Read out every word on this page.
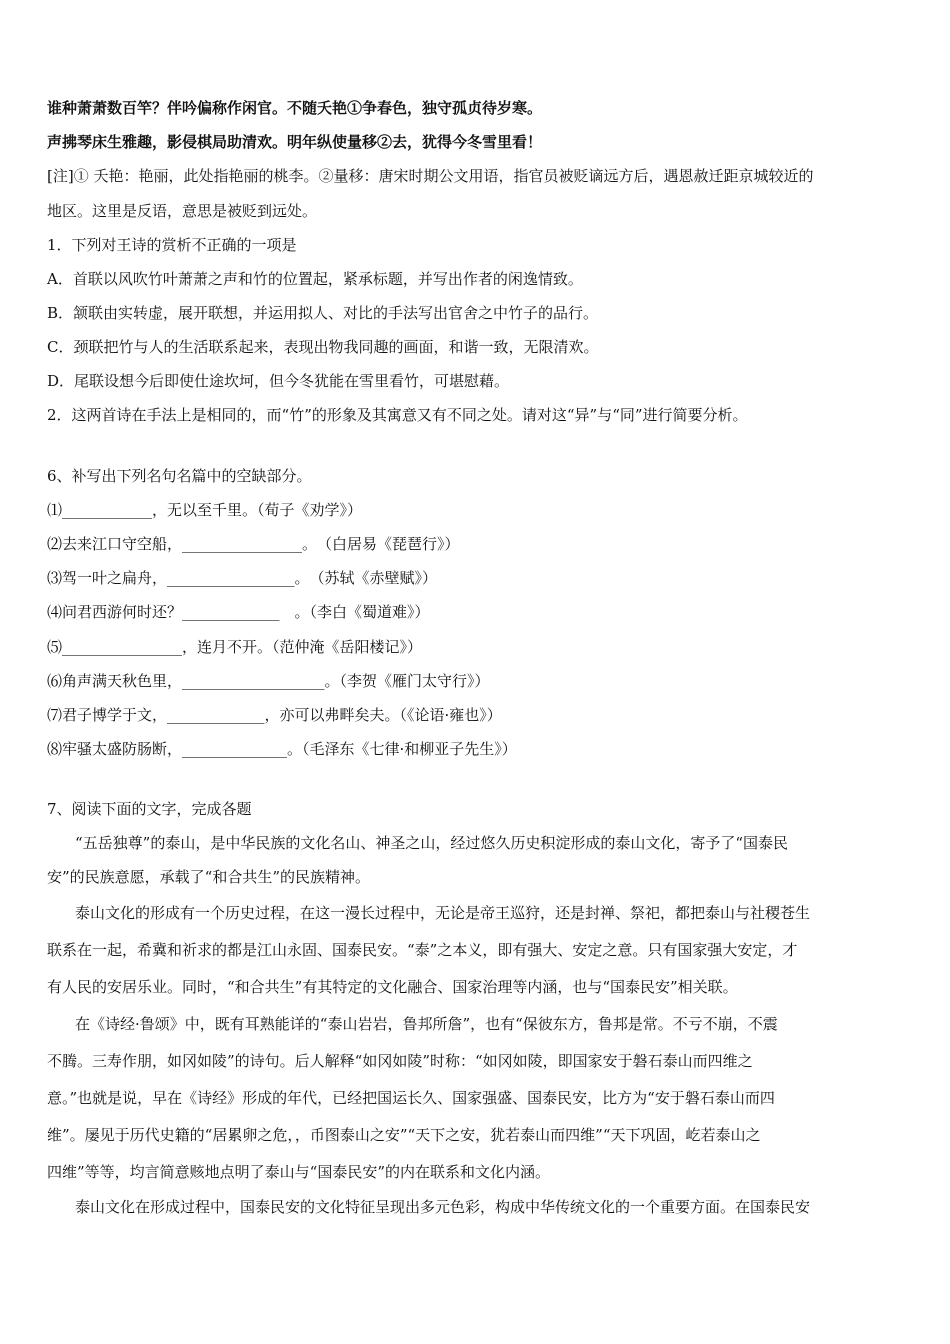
谁种萧萧数百竿？伴吟偏称作闲官。不随夭艳①争春色，独守孤贞待岁寒。
声拂琴床生雅趣，影侵棋局助清欢。明年纵使量移②去，犹得今冬雪里看！
[注]① 夭艳：艳丽，此处指艳丽的桃李。②量移：唐宋时期公文用语，指官员被贬谪远方后，遇恩赦迁距京城较近的
地区。这里是反语，意思是被贬到远处。
1．下列对王诗的赏析不正确的一项是
A．首联以风吹竹叶萧萧之声和竹的位置起，紧承标题，并写出作者的闲逸情致。
B．颔联由实转虚，展开联想，并运用拟人、对比的手法写出官舍之中竹子的品行。
C．颈联把竹与人的生活联系起来，表现出物我同趣的画面，和谐一致，无限清欢。
D．尾联设想今后即使仕途坎坷，但今冬犹能在雪里看竹，可堪慰藉。
2．这两首诗在手法上是相同的，而“竹”的形象及其寓意又有不同之处。请对这“异”与“同”进行简要分析。
6、补写出下列名句名篇中的空缺部分。
⑴____________，无以至千里。（荀子《劝学》）
⑵去来江口守空船，________________。　（白居易《琵琶行》）
⑶驾一叶之扁舟，_________________。　（苏轼《赤壁赋》）
⑷问君西游何时还？_____________　。（李白《蜀道难》）
⑸________________，连月不开。（范仲淹《岳阳楼记》）
⑹角声满天秋色里，___________________。（李贺《雁门太守行》）
⑺君子博学于文，_____________，亦可以弗畔矣夫。（《论语·雍也》）
⑻牢骚太盛防肠断，______________。（毛泽东《七律·和柳亚子先生》）
7、阅读下面的文字，完成各题
“五岳独尊”的泰山，是中华民族的文化名山、神圣之山，经过悠久历史积淀形成的泰山文化，寄予了“国泰民
安”的民族意愿，承载了“和合共生”的民族精神。
泰山文化的形成有一个历史过程，在这一漫长过程中，无论是帝王巡狩，还是封禅、祭祀，都把泰山与社稷苍生
联系在一起，希冀和祈求的都是江山永固、国泰民安。“泰”之本义，即有强大、安定之意。只有国家强大安定，才
有人民的安居乐业。同时，“和合共生”有其特定的文化融合、国家治理等内涵，也与“国泰民安”相关联。
在《诗经·鲁颂》中，既有耳熟能详的“泰山岩岩，鲁邦所詹”，也有“保彼东方，鲁邦是常。不亏不崩，不震
不腾。三寿作朋，如冈如陵”的诗句。后人解释“如冈如陵”时称：“如冈如陵，即国家安于磐石泰山而四维之
意。”也就是说，早在《诗经》形成的年代，已经把国运长久、国家强盛、国泰民安，比方为“安于磐石泰山而四
维”。屡见于历代史籍的“居累卵之危，，币图泰山之安”“天下之安，犹若泰山而四维”“天下巩固，屹若泰山之
四维”等等，均言简意赅地点明了泰山与“国泰民安”的内在联系和文化内涵。
泰山文化在形成过程中，国泰民安的文化特征呈现出多元色彩，构成中华传统文化的一个重要方面。在国泰民安
